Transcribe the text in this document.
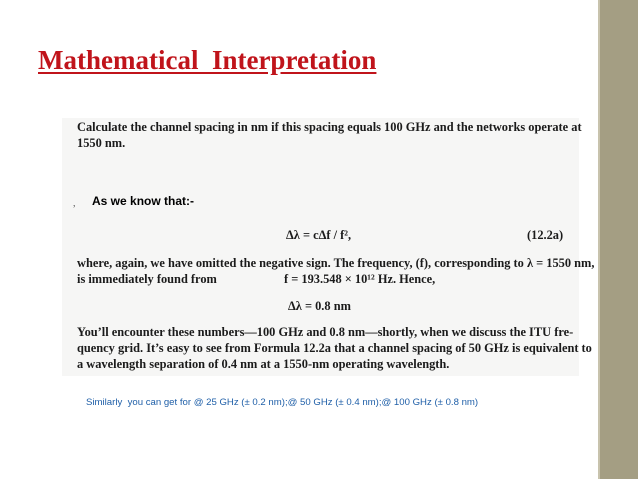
Mathematical  Interpretation
Calculate the channel spacing in nm if this spacing equals 100 GHz and the networks operate at
1550 nm.
Δλ = cΔf / f²,	(12.2a)
where, again, we have omitted the negative sign. The frequency, (f), corresponding to λ = 1550 nm,
is immediately found from	f = 193.548 × 10¹² Hz. Hence,
Δλ = 0.8 nm
You’ll encounter these numbers—100 GHz and 0.8 nm—shortly, when we discuss the ITU fre-
quency grid. It’s easy to see from Formula 12.2a that a channel spacing of 50 GHz is equivalent to
a wavelength separation of 0.4 nm at a 1550-nm operating wavelength.
, As we know that:-
Similarly  you can get for @ 25 GHz (± 0.2 nm);@ 50 GHz (± 0.4 nm);@ 100 GHz (± 0.8 nm)
